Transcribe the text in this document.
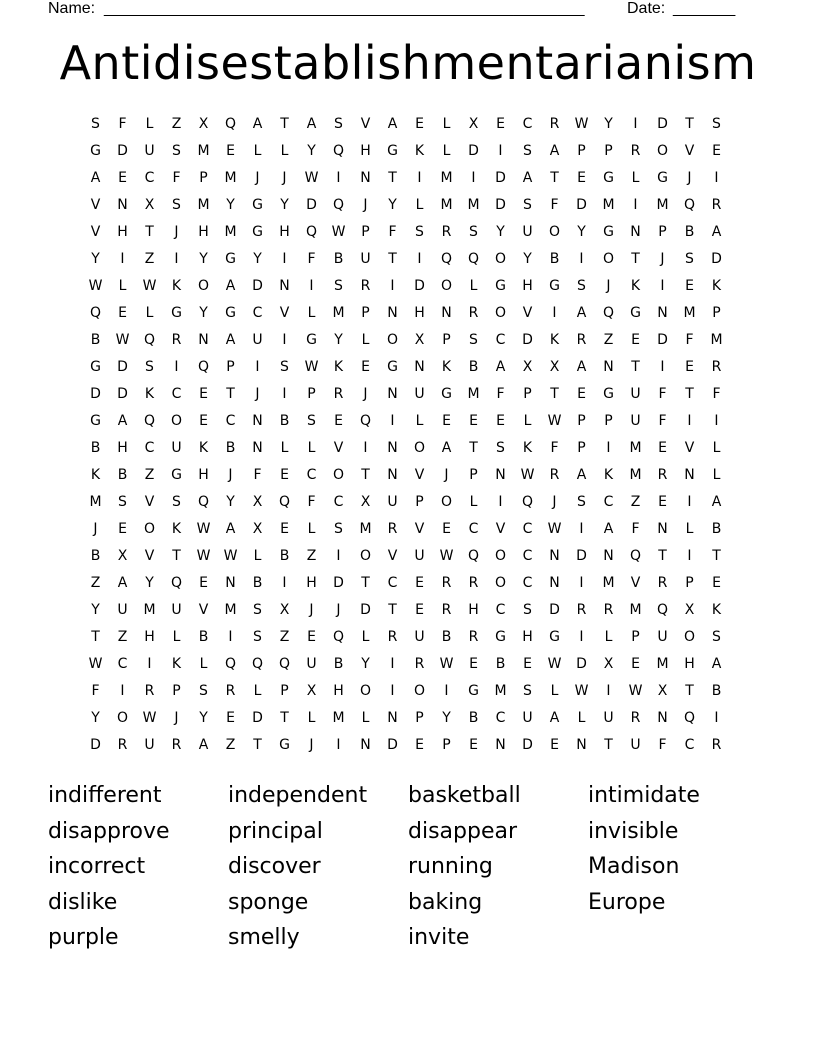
Name: ______________________________________________________	Date: _______
Antidisestablishmentarianism
S	F	L	Z	X	Q	A	T	A	S	V	A	E	L	X	E	C	R	W	Y	I	D	T	S
G	D	U	S	M	E	L	L	Y	Q	H	G	K	L	D	I	S	A	P	P	R	O	V	E
A	E	C	F	P	M	J	J	W	I	N	T	I	M	I	D	A	T	E	G	L	G	J	I
V	N	X	S	M	Y	G	Y	D	Q	J	Y	L	M	M	D	S	F	D	M	I	M	Q	R
V	H	T	J	H	M	G	H	Q	W	P	F	S	R	S	Y	U	O	Y	G	N	P	B	A
Y	I	Z	I	Y	G	Y	I	F	B	U	T	I	Q	Q	O	Y	B	I	O	T	J	S	D
W	L	W	K	O	A	D	N	I	S	R	I	D	O	L	G	H	G	S	J	K	I	E	K
Q	E	L	G	Y	G	C	V	L	M	P	N	H	N	R	O	V	I	A	Q	G	N	M	P
B	W	Q	R	N	A	U	I	G	Y	L	O	X	P	S	C	D	K	R	Z	E	D	F	M
G	D	S	I	Q	P	I	S	W	K	E	G	N	K	B	A	X	X	A	N	T	I	E	R
D	D	K	C	E	T	J	I	P	R	J	N	U	G	M	F	P	T	E	G	U	F	T	F
G	A	Q	O	E	C	N	B	S	E	Q	I	L	E	E	E	L	W	P	P	U	F	I	I
B	H	C	U	K	B	N	L	L	V	I	N	O	A	T	S	K	F	P	I	M	E	V	L
K	B	Z	G	H	J	F	E	C	O	T	N	V	J	P	N	W	R	A	K	M	R	N	L
M	S	V	S	Q	Y	X	Q	F	C	X	U	P	O	L	I	Q	J	S	C	Z	E	I	A
J	E	O	K	W	A	X	E	L	S	M	R	V	E	C	V	C	W	I	A	F	N	L	B
B	X	V	T	W W	L	B	Z	I	O	V	U	W	Q	O	C	N	D	N	Q	T	I	T
Z	A	Y	Q	E	N	B	I	H	D	T	C	E	R	R	O	C	N	I	M	V	R	P	E
Y	U	M	U	V	M	S	X	J	J	D	T	E	R	H	C	S	D	R	R	M	Q	X	K
T	Z	H	L	B	I	S	Z	E	Q	L	R	U	B	R	G	H	G	I	L	P	U	O	S
W	C	I	K	L	Q	Q	Q	U	B	Y	I	R	W	E	B	E	W	D	X	E	M	H	A
F	I	R	P	S	R	L	P	X	H	O	I	O	I	G	M	S	L	W	I	W	X	T	B
Y	O	W	J	Y	E	D	T	L	M	L	N	P	Y	B	C	U	A	L	U	R	N	Q	I
D	R	U	R	A	Z	T	G	J	I	N	D	E	P	E	N	D	E	N	T	U	F	C	R
indifferent	independent	basketball	intimidate
disapprove	principal	disappear	invisible
incorrect	discover	running	Madison
dislike	sponge	baking	Europe
purple	smelly	invite
